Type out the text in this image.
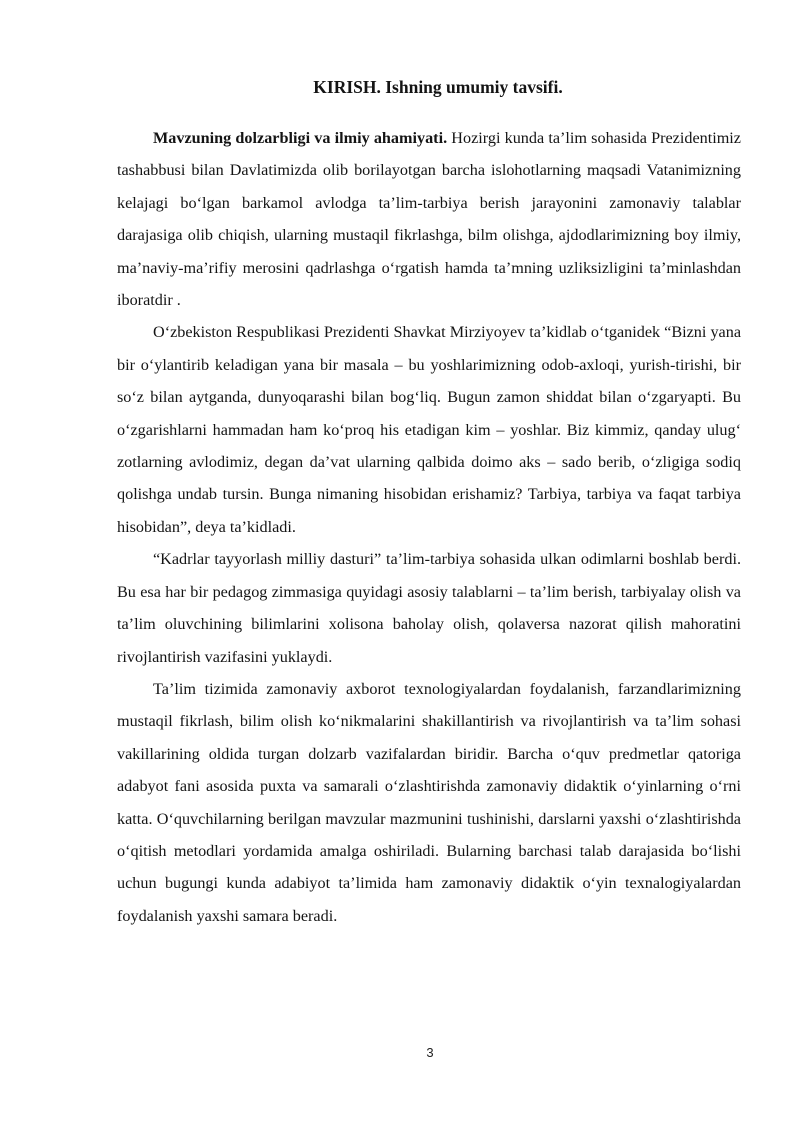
KIRISH. Ishning umumiy tavsifi.

Mavzuning dolzarbligi va ilmiy ahamiyati. Hozirgi kunda ta’lim sohasida Prezidentimiz tashabbusi bilan Davlatimizda olib borilayotgan barcha islohotlarning maqsadi Vatanimizning kelajagi bo‘lgan barkamol avlodga ta’lim-tarbiya berish jarayonini zamonaviy talablar darajasiga olib chiqish, ularning mustaqil fikrlashga, bilm olishga, ajdodlarimizning boy ilmiy, ma’naviy-ma’rifiy merosini qadrlashga o‘rgatish hamda ta’mning uzliksizligini ta’minlashdan iboratdir .

O‘zbekiston Respublikasi Prezidenti Shavkat Mirziyoyev ta’kidlab o‘tganidek “Bizni yana bir o‘ylantirib keladigan yana bir masala – bu yoshlarimizning odob-axloqi, yurish-tirishi, bir so‘z bilan aytganda, dunyoqarashi bilan bog‘liq. Bugun zamon shiddat bilan o‘zgaryapti. Bu o‘zgarishlarni hammadan ham ko‘proq his etadigan kim – yoshlar. Biz kimmiz, qanday ulug‘ zotlarning avlodimiz, degan da’vat ularning qalbida doimo aks – sado berib, o‘zligiga sodiq qolishga undab tursin. Bunga nimaning hisobidan erishamiz? Tarbiya, tarbiya va faqat tarbiya hisobidan”, deya ta’kidladi.

“Kadrlar tayyorlash milliy dasturi” ta’lim-tarbiya sohasida ulkan odimlarni boshlab berdi. Bu esa har bir pedagog zimmasiga quyidagi asosiy talablarni – ta’lim berish, tarbiyalay olish va ta’lim oluvchining bilimlarini xolisona baholay olish, qolaversa nazorat qilish mahoratini rivojlantirish vazifasini yuklaydi.

Ta’lim tizimida zamonaviy axborot texnologiyalardan foydalanish, farzandlarimizning mustaqil fikrlash, bilim olish ko‘nikmalarini shakillantirish va rivojlantirish va ta’lim sohasi vakillarining oldida turgan dolzarb vazifalardan biridir. Barcha o‘quv predmetlar qatoriga adabyot fani asosida puxta va samarali o‘zlashtirishda zamonaviy didaktik o‘yinlarning o‘rni katta. O‘quvchilarning berilgan mavzular mazmunini tushinishi, darslarni yaxshi o‘zlashtirishda o‘qitish metodlari yordamida amalga oshiriladi. Bularning barchasi talab darajasida bo‘lishi uchun bugungi kunda adabiyot ta’limida ham zamonaviy didaktik o‘yin texnalogiyalardan foydalanish yaxshi samara beradi.

3
